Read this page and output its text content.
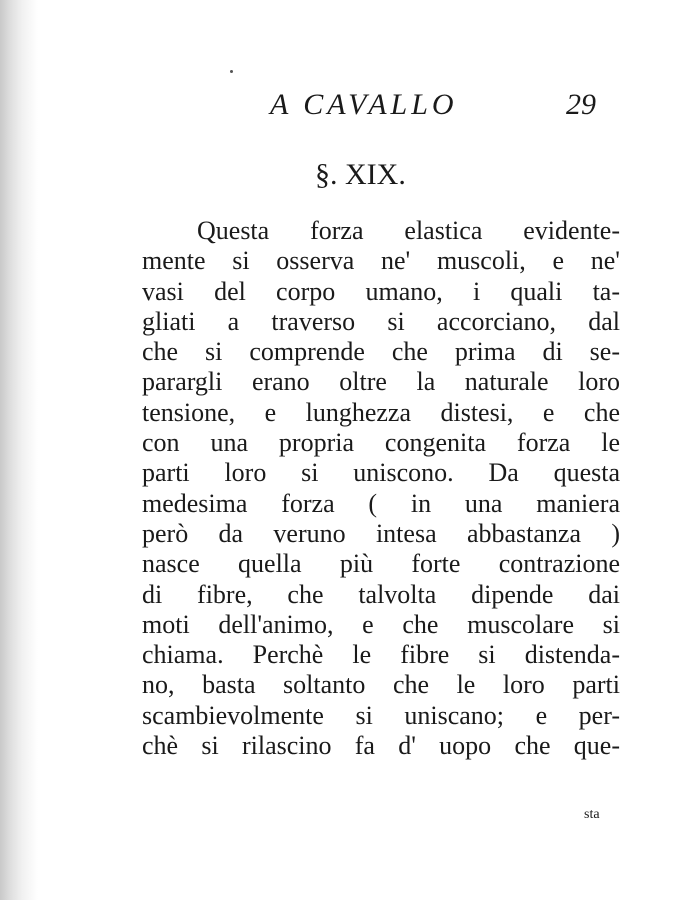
A CAVALLO	29
§. XIX.
Questa forza elastica evidente-
mente si osserva ne' muscoli, e ne'
vasi del corpo umano, i quali ta-
gliati a traverso si accorciano, dal
che si comprende che prima di se-
parargli erano oltre la naturale loro
tensione, e lunghezza distesi, e che
con una propria congenita forza le
parti loro si uniscono. Da questa
medesima forza ( in una maniera
però da veruno intesa abbastanza )
nasce quella più forte contrazione
di fibre, che talvolta dipende dai
moti dell'animo, e che muscolare si
chiama. Perchè le fibre si distenda-
no, basta soltanto che le loro parti
scambievolmente si uniscano; e per-
chè si rilascino fa d' uopo che que-
sta
